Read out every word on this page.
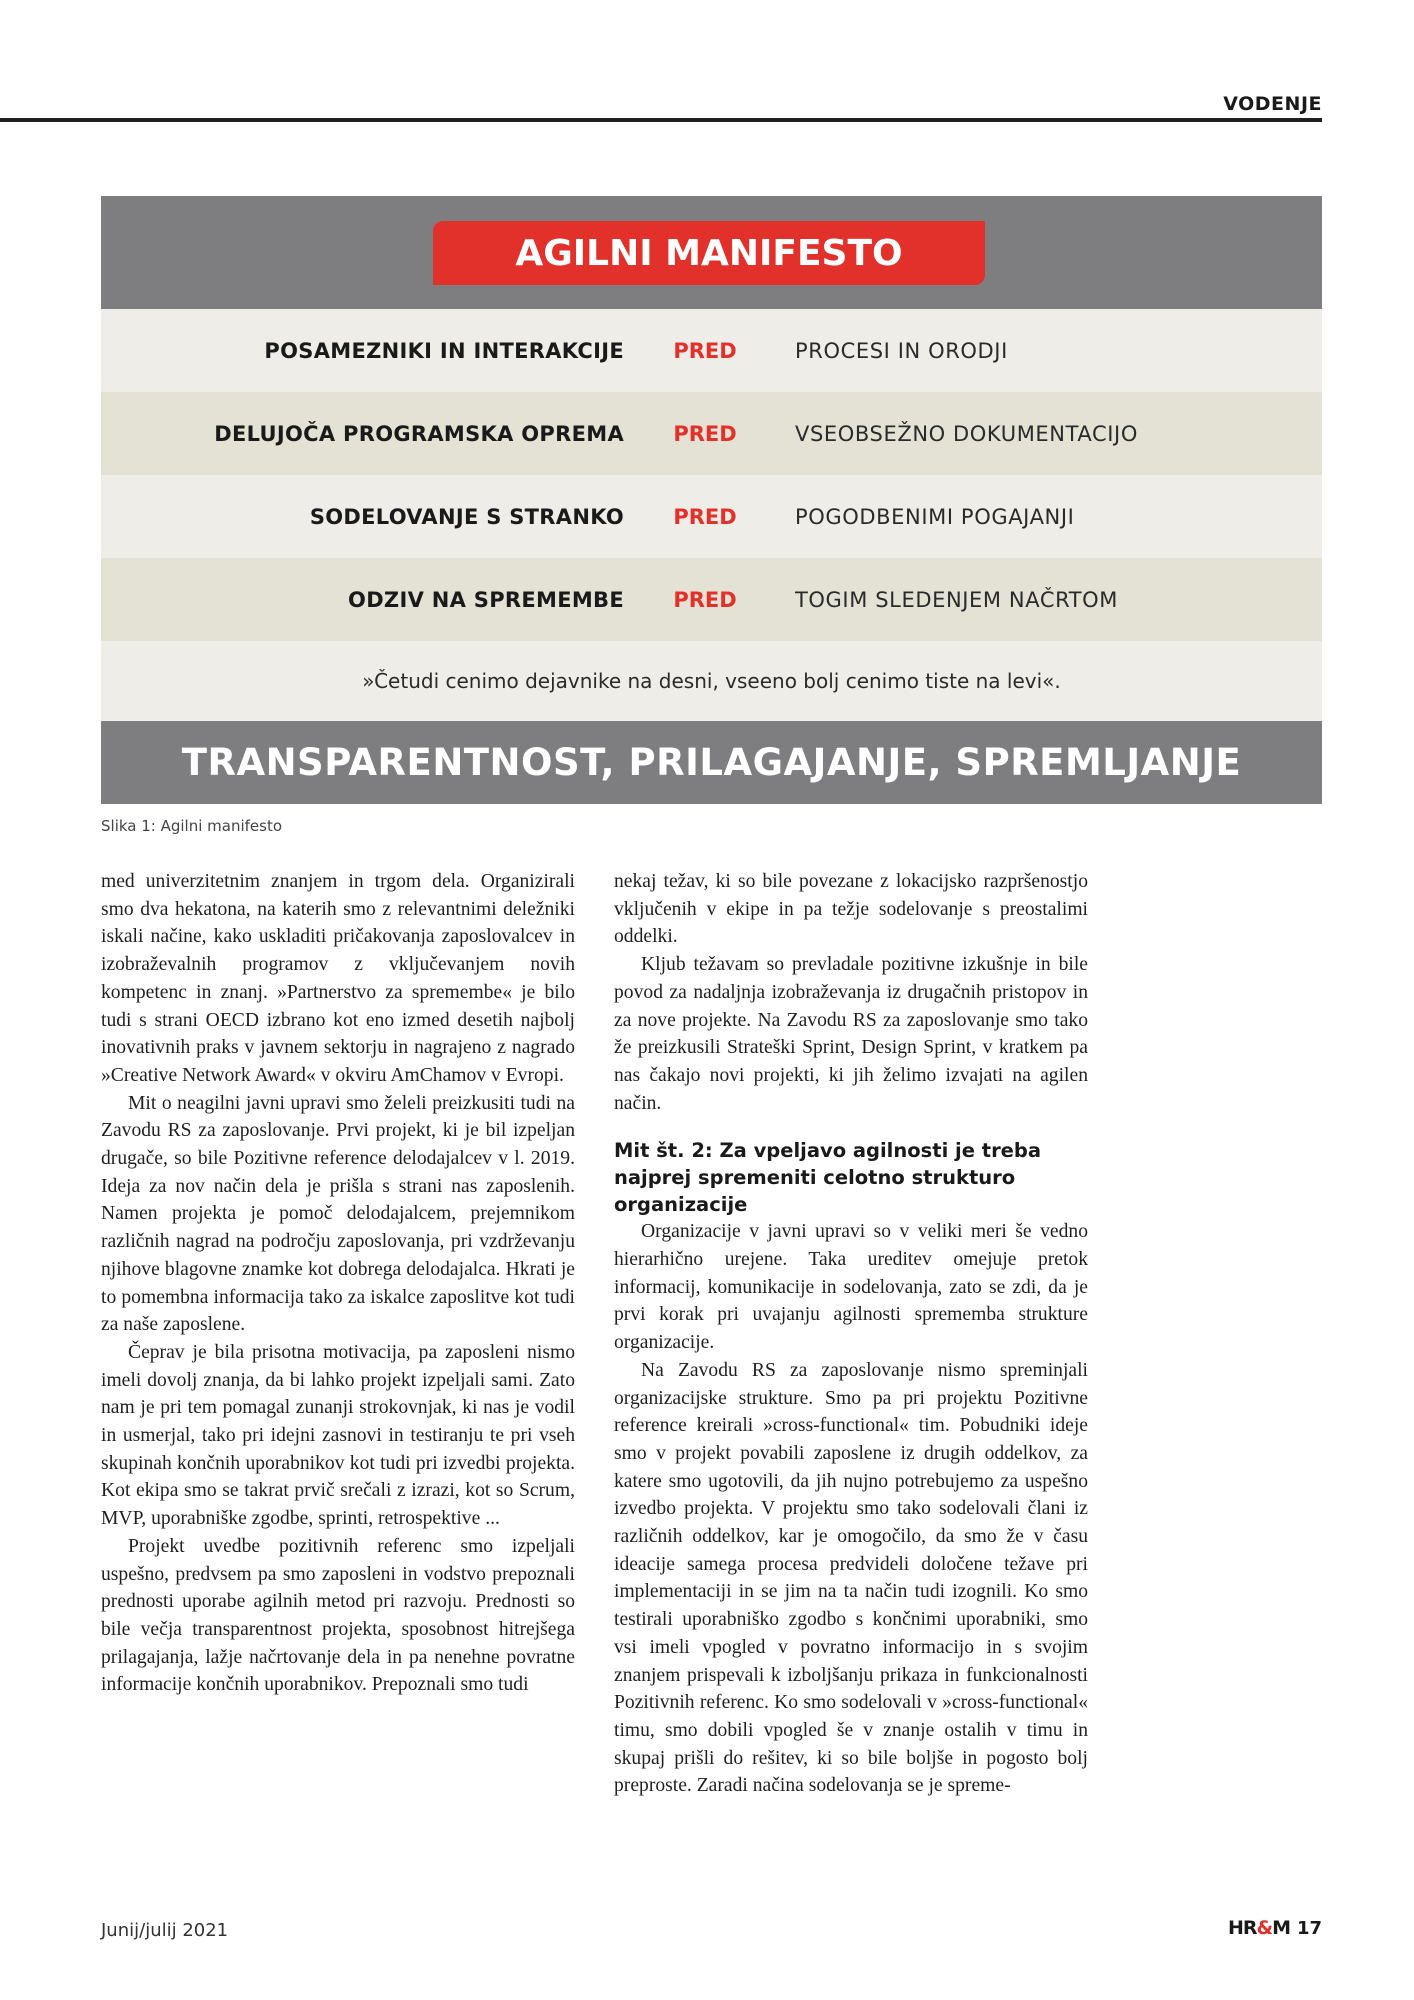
VODENJE
AGILNI MANIFESTO
POSAMEZNIKI IN INTERAKCIJE	PRED	PROCESI IN ORODJI
DELUJOČA PROGRAMSKA OPREMA	PRED	VSEOBSEŽNO DOKUMENTACIJO
SODELOVANJE S STRANKO	PRED	POGODBENIMI POGAJANJI
ODZIV NA SPREMEMBE	PRED	TOGIM SLEDENJEM NAČRTOM
»Četudi cenimo dejavnike na desni, vseeno bolj cenimo tiste na levi«.
TRANSPARENTNOST, PRILAGAJANJE, SPREMLJANJE
Slika 1: Agilni manifesto

med univerzitetnim znanjem in trgom dela. Organizirali smo dva hekatona, na katerih smo z relevantnimi deležniki iskali načine, kako uskladiti pričakovanja zaposlovalcev in izobraževalnih programov z vključevanjem novih kompetenc in znanj. »Partnerstvo za spremembe« je bilo tudi s strani OECD izbrano kot eno izmed desetih najbolj inovativnih praks v javnem sektorju in nagrajeno z nagrado »Creative Network Award« v okviru AmChamov v Evropi.

Mit o neagilni javni upravi smo želeli preizkusiti tudi na Zavodu RS za zaposlovanje. Prvi projekt, ki je bil izpeljan drugače, so bile Pozitivne reference delodajalcev v l. 2019. Ideja za nov način dela je prišla s strani nas zaposlenih. Namen projekta je pomoč delodajalcem, prejemnikom različnih nagrad na področju zaposlovanja, pri vzdrževanju njihove blagovne znamke kot dobrega delodajalca. Hkrati je to pomembna informacija tako za iskalce zaposlitve kot tudi za naše zaposlene.

Čeprav je bila prisotna motivacija, pa zaposleni nismo imeli dovolj znanja, da bi lahko projekt izpeljali sami. Zato nam je pri tem pomagal zunanji strokovnjak, ki nas je vodil in usmerjal, tako pri idejni zasnovi in testiranju te pri vseh skupinah končnih uporabnikov kot tudi pri izvedbi projekta. Kot ekipa smo se takrat prvič srečali z izrazi, kot so Scrum, MVP, uporabniške zgodbe, sprinti, retrospektive ...

Projekt uvedbe pozitivnih referenc smo izpeljali uspešno, predvsem pa smo zaposleni in vodstvo prepoznali prednosti uporabe agilnih metod pri razvoju. Prednosti so bile večja transparentnost projekta, sposobnost hitrejšega prilagajanja, lažje načrtovanje dela in pa nenehne povratne informacije končnih uporabnikov. Prepoznali smo tudi

nekaj težav, ki so bile povezane z lokacijsko razpršenostjo vključenih v ekipe in pa težje sodelovanje s preostalimi oddelki.

Kljub težavam so prevladale pozitivne izkušnje in bile povod za nadaljnja izobraževanja iz drugačnih pristopov in za nove projekte. Na Zavodu RS za zaposlovanje smo tako že preizkusili Strateški Sprint, Design Sprint, v kratkem pa nas čakajo novi projekti, ki jih želimo izvajati na agilen način.

Mit št. 2: Za vpeljavo agilnosti je treba najprej spremeniti celotno strukturo organizacije

Organizacije v javni upravi so v veliki meri še vedno hierarhično urejene. Taka ureditev omejuje pretok informacij, komunikacije in sodelovanja, zato se zdi, da je prvi korak pri uvajanju agilnosti sprememba strukture organizacije.

Na Zavodu RS za zaposlovanje nismo spreminjali organizacijske strukture. Smo pa pri projektu Pozitivne reference kreirali »cross-functional« tim. Pobudniki ideje smo v projekt povabili zaposlene iz drugih oddelkov, za katere smo ugotovili, da jih nujno potrebujemo za uspešno izvedbo projekta. V projektu smo tako sodelovali člani iz različnih oddelkov, kar je omogočilo, da smo že v času ideacije samega procesa predvideli določene težave pri implementaciji in se jim na ta način tudi izognili. Ko smo testirali uporabniško zgodbo s končnimi uporabniki, smo vsi imeli vpogled v povratno informacijo in s svojim znanjem prispevali k izboljšanju prikaza in funkcionalnosti Pozitivnih referenc. Ko smo sodelovali v »cross-functional« timu, smo dobili vpogled še v znanje ostalih v timu in skupaj prišli do rešitev, ki so bile boljše in pogosto bolj preproste. Zaradi načina sodelovanja se je spreme-

Junij/julij 2021	HR&M 17
